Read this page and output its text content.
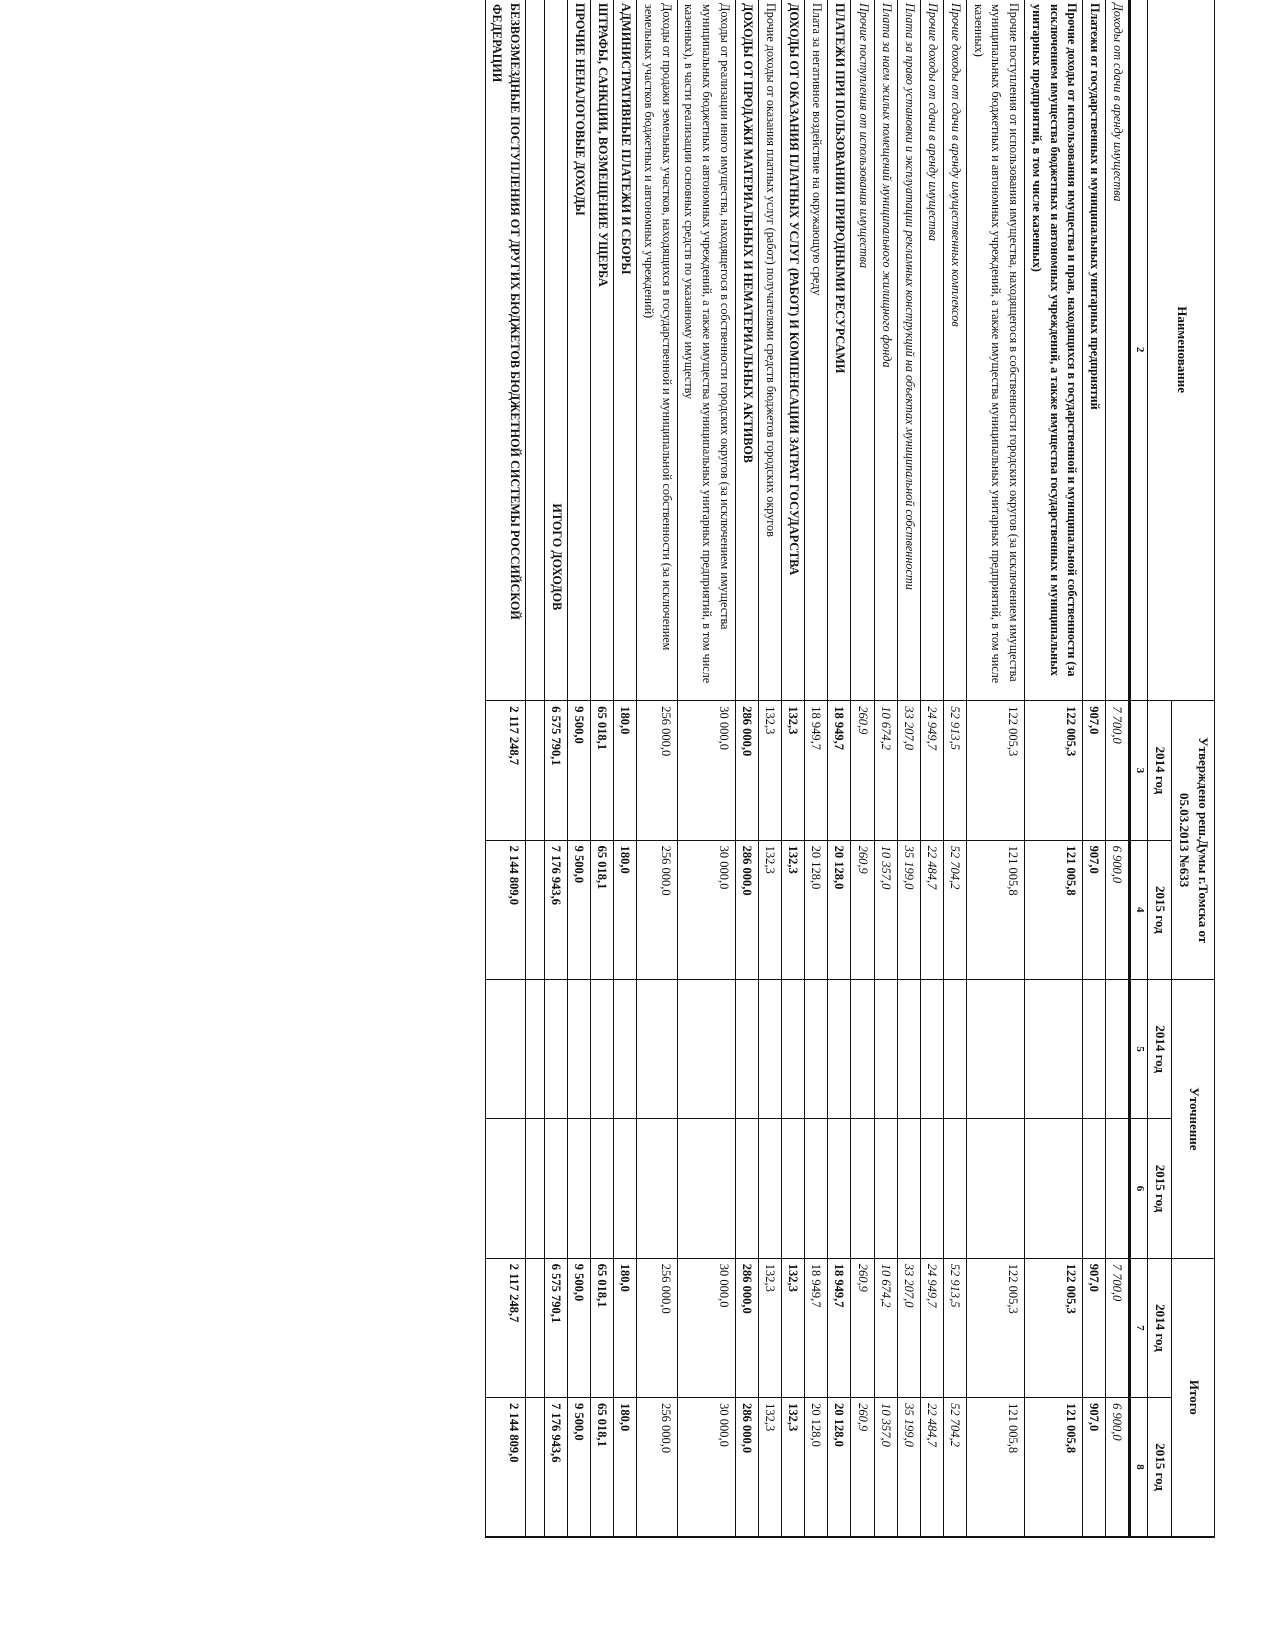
Наименование	Утверждено реш.Думы г.Томска от 05.03.2013 №633		Уточнение		Итого	
	2014 год	2015 год	2014 год	2015 год	2014 год	2015 год
2	3	4	5	6	7	8
Доходы от сдачи в аренду имущества	7 700,0	6 900,0			7 700,0	6 900,0
Платежи от государственных и муниципальных унитарных предприятий	907,0	907,0			907,0	907,0
Прочие доходы от использования имущества и прав, находящихся в государственной и муниципальной собственности (за исключением имущества бюджетных и автономных учреждений, а также имущества государственных и муниципальных унитарных предприятий, в том числе казенных)	122 005,3	121 005,8			122 005,3	121 005,8
Прочие поступления от использования имущества, находящегося в собственности городских округов (за исключением имущества муниципальных бюджетных и автономных учреждений, а также имущества муниципальных унитарных предприятий, в том числе казенных)	122 005,3	121 005,8			122 005,3	121 005,8
Прочие доходы от сдачи в аренду имущественных комплексов	52 913,5	52 704,2			52 913,5	52 704,2
Прочие доходы от сдачи в аренду имущества	24 949,7	22 484,7			24 949,7	22 484,7
Плата за право установки и эксплуатации рекламных конструкций на объектах муниципальной собственности	33 207,0	35 199,0			33 207,0	35 199,0
Плата за наем жилых помещений муниципального жилищного фонда	10 674,2	10 357,0			10 674,2	10 357,0
Прочие поступления от использования имущества	260,9	260,9			260,9	260,9
ПЛАТЕЖИ ПРИ ПОЛЬЗОВАНИИ ПРИРОДНЫМИ РЕСУРСАМИ	18 949,7	20 128,0			18 949,7	20 128,0
Плата за негативное воздействие на окружающую среду	18 949,7	20 128,0			18 949,7	20 128,0
ДОХОДЫ ОТ ОКАЗАНИЯ ПЛАТНЫХ УСЛУГ (РАБОТ) И КОМПЕНСАЦИИ ЗАТРАТ ГОСУДАРСТВА	132,3	132,3			132,3	132,3
Прочие доходы от оказания платных услуг (работ) получателями средств бюджетов городских округов	132,3	132,3			132,3	132,3
ДОХОДЫ ОТ ПРОДАЖИ МАТЕРИАЛЬНЫХ И НЕМАТЕРИАЛЬНЫХ АКТИВОВ	286 000,0	286 000,0			286 000,0	286 000,0
Доходы от реализации иного имущества, находящегося в собственности городских округов (за исключением имущества муниципальных бюджетных и автономных учреждений, а также имущества муниципальных унитарных предприятий, в том числе казенных), в части реализации основных средств по указанному имуществу	30 000,0	30 000,0			30 000,0	30 000,0
Доходы от продажи земельных участков, находящихся в государственной и муниципальной собственности (за исключением земельных участков бюджетных и автономных учреждений)	256 000,0	256 000,0			256 000,0	256 000,0
АДМИНИСТРАТИВНЫЕ ПЛАТЕЖИ И СБОРЫ	180,0	180,0			180,0	180,0
ШТРАФЫ, САНКЦИИ, ВОЗМЕЩЕНИЕ УЩЕРБА	65 018,1	65 018,1			65 018,1	65 018,1
ПРОЧИЕ НЕНАЛОГОВЫЕ ДОХОДЫ	9 500,0	9 500,0			9 500,0	9 500,0
ИТОГО ДОХОДОВ	6 575 790,1	7 176 943,6			6 575 790,1	7 176 943,6

БЕЗВОЗМЕЗДНЫЕ ПОСТУПЛЕНИЯ ОТ ДРУГИХ БЮДЖЕТОВ БЮДЖЕТНОЙ СИСТЕМЫ РОССИЙСКОЙ ФЕДЕРАЦИИ	2 117 248,7	2 144 809,0			2 117 248,7	2 144 809,0
